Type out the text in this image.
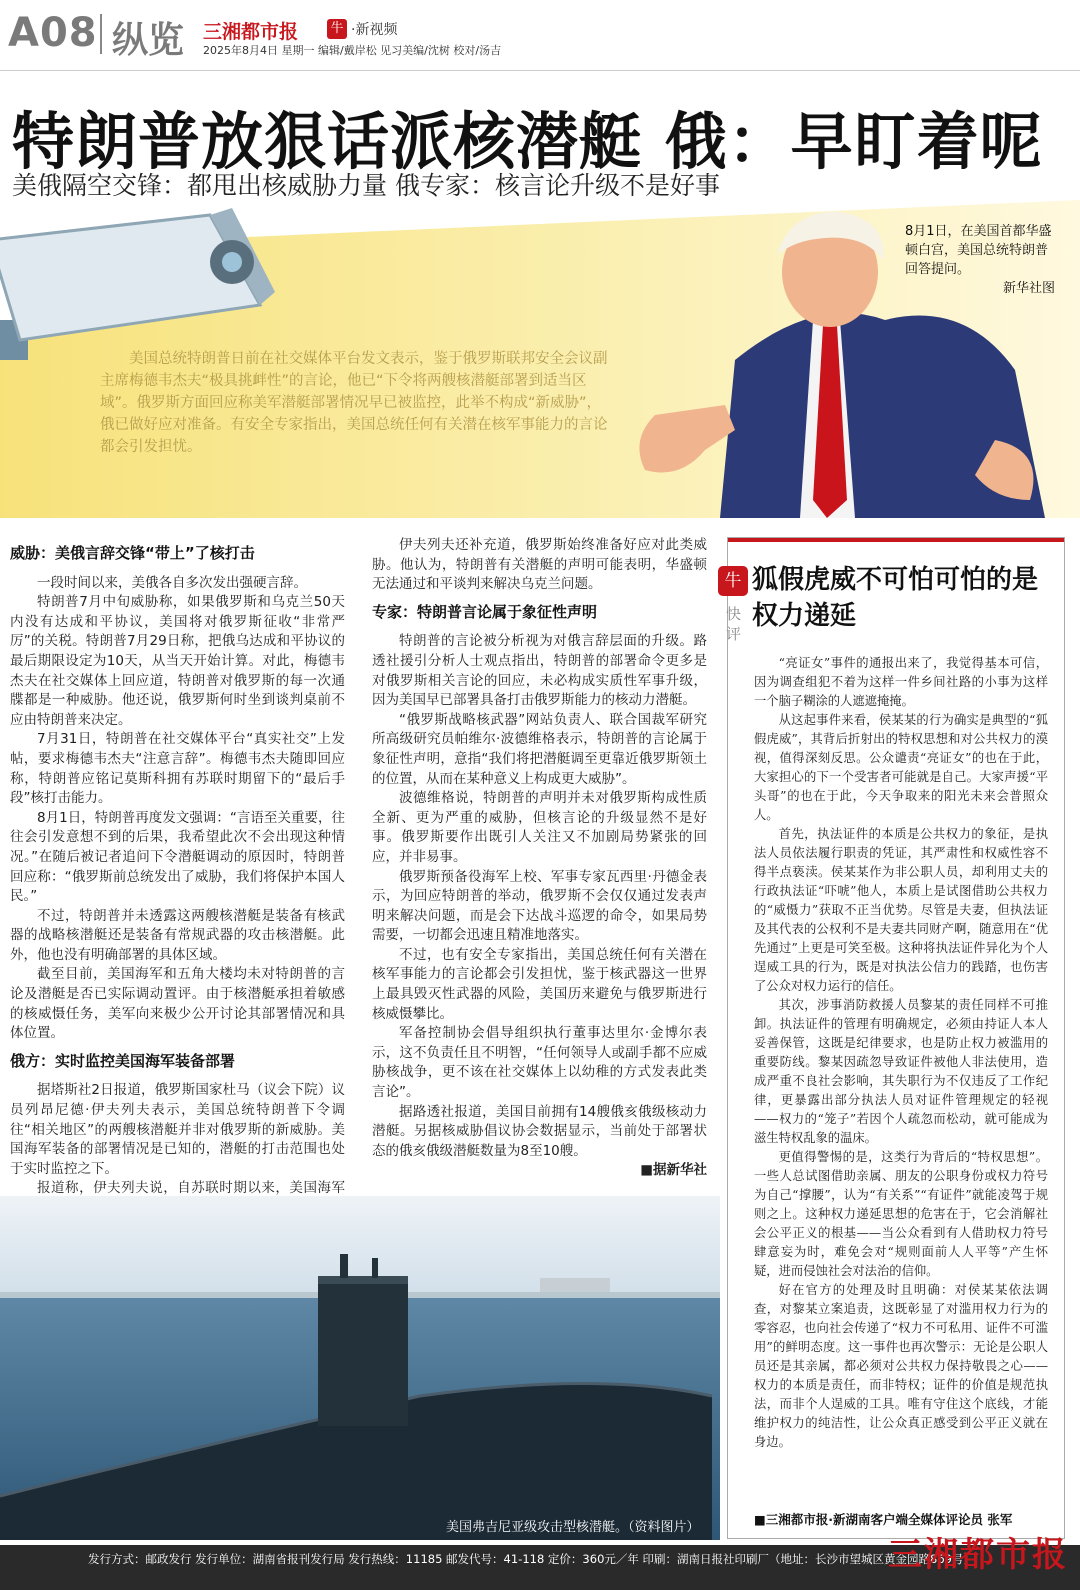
A08 纵览 三湘都市报 牛 ·新视频
2025年8月4日 星期一 编辑/戴岸松 见习美编/沈树 校对/汤吉
特朗普放狠话派核潜艇 俄：早盯着呢
美俄隔空交锋：都甩出核威胁力量 俄专家：核言论升级不是好事
美国总统特朗普日前在社交媒体平台发文表示，鉴于俄罗斯联邦安全会议副主席梅德韦杰夫“极具挑衅性”的言论，他已“下令将两艘核潜艇部署到适当区域”。俄罗斯方面回应称美军潜艇部署情况早已被监控，此举不构成“新威胁”，俄已做好应对准备。有安全专家指出，美国总统任何有关潜在核军事能力的言论都会引发担忧。
8月1日，在美国首都华盛顿白宫，美国总统特朗普回答提问。
新华社图
威胁：美俄言辞交锋“带上”了核打击

一段时间以来，美俄各自多次发出强硬言辞。

特朗普7月中旬威胁称，如果俄罗斯和乌克兰50天内没有达成和平协议，美国将对俄罗斯征收“非常严厉”的关税。特朗普7月29日称，把俄乌达成和平协议的最后期限设定为10天，从当天开始计算。对此，梅德韦杰夫在社交媒体上回应道，特朗普对俄罗斯的每一次通牒都是一种威胁。他还说，俄罗斯何时坐到谈判桌前不应由特朗普来决定。

7月31日，特朗普在社交媒体平台“真实社交”上发帖，要求梅德韦杰夫“注意言辞”。梅德韦杰夫随即回应称，特朗普应铭记莫斯科拥有苏联时期留下的“最后手段”核打击能力。

8月1日，特朗普再度发文强调：“言语至关重要，往往会引发意想不到的后果，我希望此次不会出现这种情况。”在随后被记者追问下令潜艇调动的原因时，特朗普回应称：“俄罗斯前总统发出了威胁，我们将保护本国人民。”

不过，特朗普并未透露这两艘核潜艇是装备有核武器的战略核潜艇还是装备有常规武器的攻击核潜艇。此外，他也没有明确部署的具体区域。

截至目前，美国海军和五角大楼均未对特朗普的言论及潜艇是否已实际调动置评。由于核潜艇承担着敏感的核威慑任务，美军向来极少公开讨论其部署情况和具体位置。

俄方：实时监控美国海军装备部署

据塔斯社2日报道，俄罗斯国家杜马（议会下院）议员列昂尼德·伊夫列夫表示，美国总统特朗普下令调往“相关地区”的两艘核潜艇并非对俄罗斯的新威胁。美国海军装备的部署情况是已知的，潜艇的打击范围也处于实时监控之下。

报道称，伊夫列夫说，自苏联时期以来，美国海军

伊夫列夫还补充道，俄罗斯始终准备好应对此类威胁。他认为，特朗普有关潜艇的声明可能表明，华盛顿无法通过和平谈判来解决乌克兰问题。

专家：特朗普言论属于象征性声明

特朗普的言论被分析视为对俄言辞层面的升级。路透社援引分析人士观点指出，特朗普的部署命令更多是对俄罗斯相关言论的回应，未必构成实质性军事升级，因为美国早已部署具备打击俄罗斯能力的核动力潜艇。

“俄罗斯战略核武器”网站负责人、联合国裁军研究所高级研究员帕维尔·波德维格表示，特朗普的言论属于象征性声明，意指“我们将把潜艇调至更靠近俄罗斯领土的位置，从而在某种意义上构成更大威胁”。

波德维格说，特朗普的声明并未对俄罗斯构成性质全新、更为严重的威胁，但核言论的升级显然不是好事。俄罗斯要作出既引人关注又不加剧局势紧张的回应，并非易事。

俄罗斯预备役海军上校、军事专家瓦西里·丹德金表示，为回应特朗普的举动，俄罗斯不会仅仅通过发表声明来解决问题，而是会下达战斗巡逻的命令，如果局势需要，一切都会迅速且精准地落实。

不过，也有安全专家指出，美国总统任何有关潜在核军事能力的言论都会引发担忧，鉴于核武器这一世界上最具毁灭性武器的风险，美国历来避免与俄罗斯进行核威慑攀比。

军备控制协会倡导组织执行董事达里尔·金博尔表示，这不负责任且不明智，“任何领导人或副手都不应威胁核战争，更不该在社交媒体上以幼稚的方式发表此类言论”。

据路透社报道，美国目前拥有14艘俄亥俄级核动力潜艇。另据核威胁倡议协会数据显示，当前处于部署状态的俄亥俄级潜艇数量为8至10艘。

■据新华社
美国弗吉尼亚级攻击型核潜艇。（资料图片）
牛
快评
狐假虎威不可怕可怕的是权力递延

“亮证女”事件的通报出来了，我觉得基本可信，因为调查组犯不着为这样一件乡间社路的小事为这样一个脑子糊涂的人遮遮掩掩。

从这起事件来看，侯某某的行为确实是典型的“狐假虎威”，其背后折射出的特权思想和对公共权力的漠视，值得深刻反思。公众谴责“亮证女”的也在于此，大家担心的下一个受害者可能就是自己。大家声援“平头哥”的也在于此，今天争取来的阳光未来会普照众人。

首先，执法证件的本质是公共权力的象征，是执法人员依法履行职责的凭证，其严肃性和权威性容不得半点亵渎。侯某某作为非公职人员，却利用丈夫的行政执法证“吓唬”他人，本质上是试图借助公共权力的“威慑力”获取不正当优势。尽管是夫妻，但执法证及其代表的公权利不是夫妻共同财产啊，随意用在“优先通过”上更是可笑至极。这种将执法证件异化为个人逞威工具的行为，既是对执法公信力的践踏，也伤害了公众对权力运行的信任。

其次，涉事消防救援人员黎某的责任同样不可推卸。执法证件的管理有明确规定，必须由持证人本人妥善保管，这既是纪律要求，也是防止权力被滥用的重要防线。黎某因疏忽导致证件被他人非法使用，造成严重不良社会影响，其失职行为不仅违反了工作纪律，更暴露出部分执法人员对证件管理规定的轻视——权力的“笼子”若因个人疏忽而松动，就可能成为滋生特权乱象的温床。

更值得警惕的是，这类行为背后的“特权思想”。一些人总试图借助亲属、朋友的公职身份或权力符号为自己“撑腰”，认为“有关系”“有证件”就能凌驾于规则之上。这种权力递延思想的危害在于，它会消解社会公平正义的根基——当公众看到有人借助权力符号肆意妄为时，难免会对“规则面前人人平等”产生怀疑，进而侵蚀社会对法治的信仰。

好在官方的处理及时且明确：对侯某某依法调查，对黎某立案追责，这既彰显了对滥用权力行为的零容忍，也向社会传递了“权力不可私用、证件不可滥用”的鲜明态度。这一事件也再次警示：无论是公职人员还是其亲属，都必须对公共权力保持敬畏之心——权力的本质是责任，而非特权；证件的价值是规范执法，而非个人逞威的工具。唯有守住这个底线，才能维护权力的纯洁性，让公众真正感受到公平正义就在身边。

■三湘都市报·新湖南客户端全媒体评论员 张军
发行方式：邮政发行 发行单位：湖南省报刊发行局 发行热线：11185 邮发代号：41-118 定价：360元／年 印刷：湖南日报社印刷厂（地址：长沙市望城区黄金园路869号）
三湘都市报
